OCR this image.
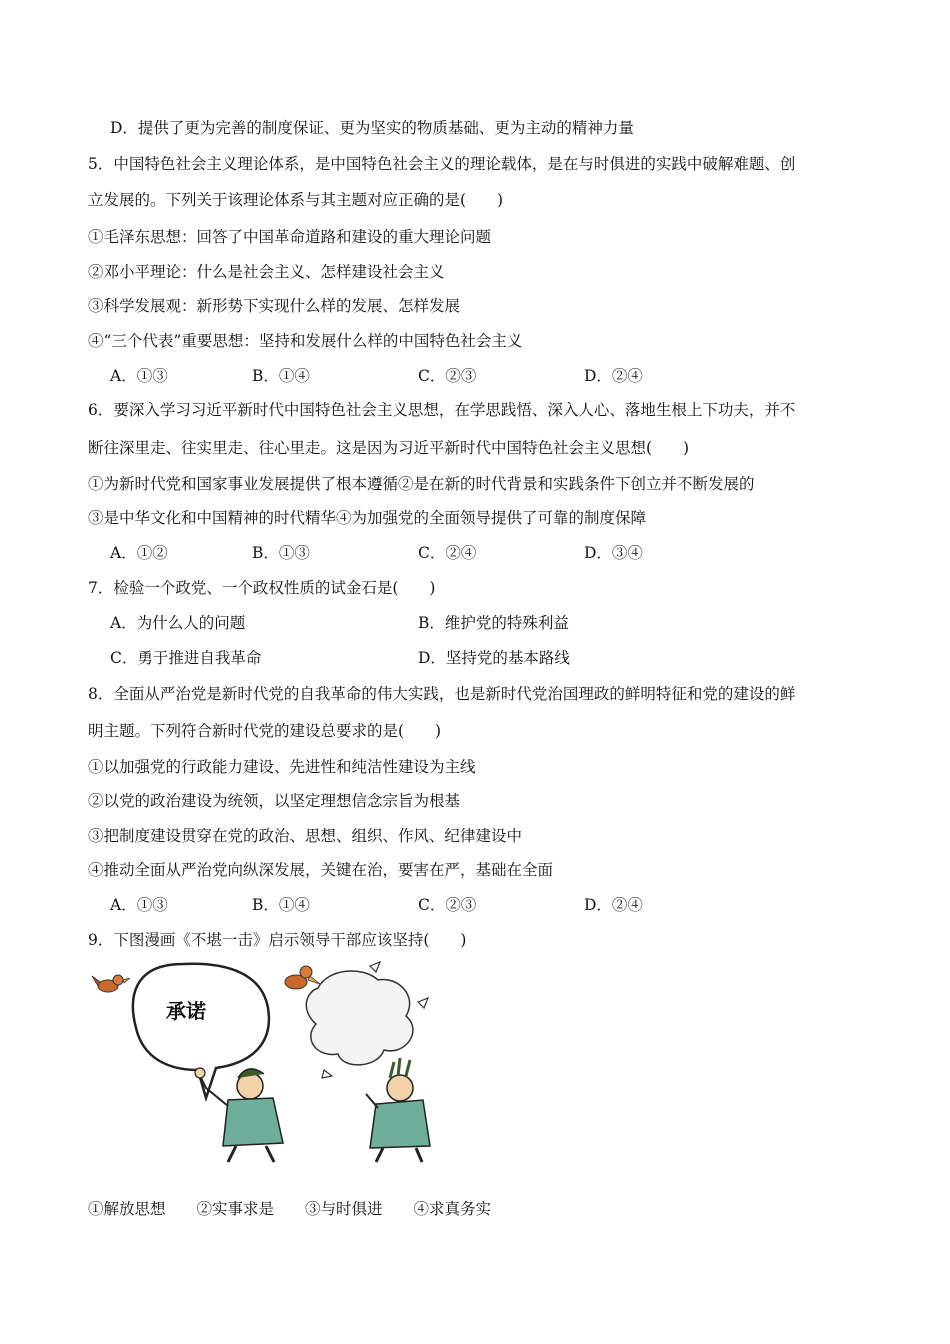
D．提供了更为完善的制度保证、更为坚实的物质基础、更为主动的精神力量
5．中国特色社会主义理论体系，是中国特色社会主义的理论载体，是在与时俱进的实践中破解难题、创
立发展的。下列关于该理论体系与其主题对应正确的是(　　)
①毛泽东思想：回答了中国革命道路和建设的重大理论问题
②邓小平理论：什么是社会主义、怎样建设社会主义
③科学发展观：新形势下实现什么样的发展、怎样发展
④“三个代表”重要思想：坚持和发展什么样的中国特色社会主义
A．①③	B．①④	C．②③	D．②④
6．要深入学习习近平新时代中国特色社会主义思想，在学思践悟、深入人心、落地生根上下功夫，并不
断往深里走、往实里走、往心里走。这是因为习近平新时代中国特色社会主义思想(　　)
①为新时代党和国家事业发展提供了根本遵循②是在新的时代背景和实践条件下创立并不断发展的
③是中华文化和中国精神的时代精华④为加强党的全面领导提供了可靠的制度保障
A．①②	B．①③	C．②④	D．③④
7．检验一个政党、一个政权性质的试金石是(　　)
A．为什么人的问题	B．维护党的特殊利益
C．勇于推进自我革命	D．坚持党的基本路线
8．全面从严治党是新时代党的自我革命的伟大实践，也是新时代党治国理政的鲜明特征和党的建设的鲜
明主题。下列符合新时代党的建设总要求的是(　　)
①以加强党的行政能力建设、先进性和纯洁性建设为主线
②以党的政治建设为统领，以坚定理想信念宗旨为根基
③把制度建设贯穿在党的政治、思想、组织、作风、纪律建设中
④推动全面从严治党向纵深发展，关键在治，要害在严，基础在全面
A．①③	B．①④	C．②③	D．②④
9．下图漫画《不堪一击》启示领导干部应该坚持(　　)
承诺
①解放思想　　②实事求是　　③与时俱进　　④求真务实
